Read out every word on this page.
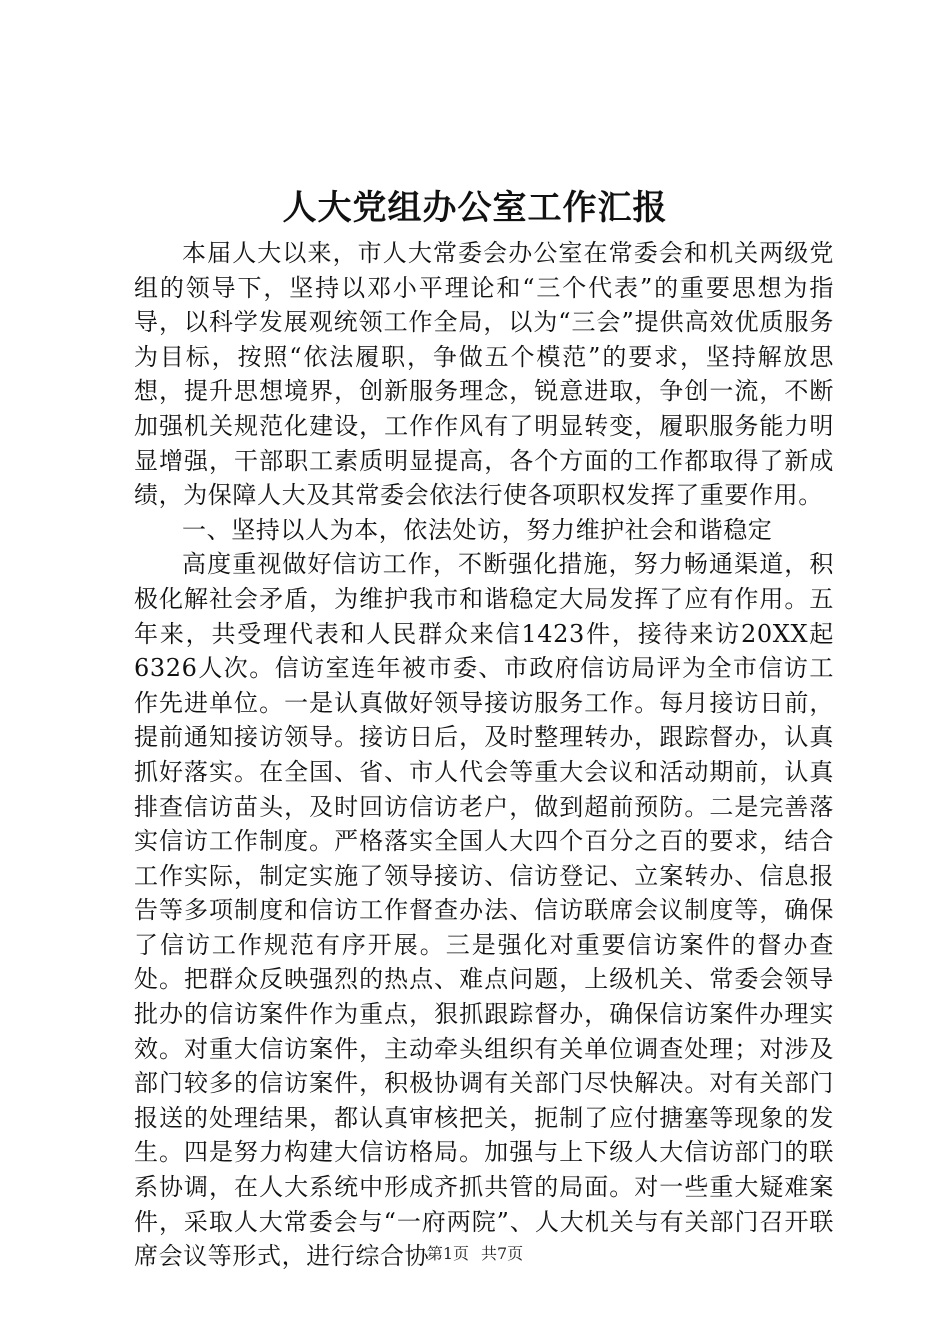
人大党组办公室工作汇报

本届人大以来，市人大常委会办公室在常委会和机关两级党组的领导下，坚持以邓小平理论和“三个代表”的重要思想为指导，以科学发展观统领工作全局，以为“三会”提供高效优质服务为目标，按照“依法履职，争做五个模范”的要求，坚持解放思想，提升思想境界，创新服务理念，锐意进取，争创一流，不断加强机关规范化建设，工作作风有了明显转变，履职服务能力明显增强，干部职工素质明显提高，各个方面的工作都取得了新成绩，为保障人大及其常委会依法行使各项职权发挥了重要作用。

一、坚持以人为本，依法处访，努力维护社会和谐稳定

高度重视做好信访工作，不断强化措施，努力畅通渠道，积极化解社会矛盾，为维护我市和谐稳定大局发挥了应有作用。五年来，共受理代表和人民群众来信1423件，接待来访20XX起6326人次。信访室连年被市委、市政府信访局评为全市信访工作先进单位。一是认真做好领导接访服务工作。每月接访日前，提前通知接访领导。接访日后，及时整理转办，跟踪督办，认真抓好落实。在全国、省、市人代会等重大会议和活动期前，认真排查信访苗头，及时回访信访老户，做到超前预防。二是完善落实信访工作制度。严格落实全国人大四个百分之百的要求，结合工作实际，制定实施了领导接访、信访登记、立案转办、信息报告等多项制度和信访工作督查办法、信访联席会议制度等，确保了信访工作规范有序开展。三是强化对重要信访案件的督办查处。把群众反映强烈的热点、难点问题，上级机关、常委会领导批办的信访案件作为重点，狠抓跟踪督办，确保信访案件办理实效。对重大信访案件，主动牵头组织有关单位调查处理；对涉及部门较多的信访案件，积极协调有关部门尽快解决。对有关部门报送的处理结果，都认真审核把关，扼制了应付搪塞等现象的发生。四是努力构建大信访格局。加强与上下级人大信访部门的联系协调，在人大系统中形成齐抓共管的局面。对一些重大疑难案件，采取人大常委会与“一府两院”、人大机关与有关部门召开联席会议等形式，进行综合协

第1页 共7页
